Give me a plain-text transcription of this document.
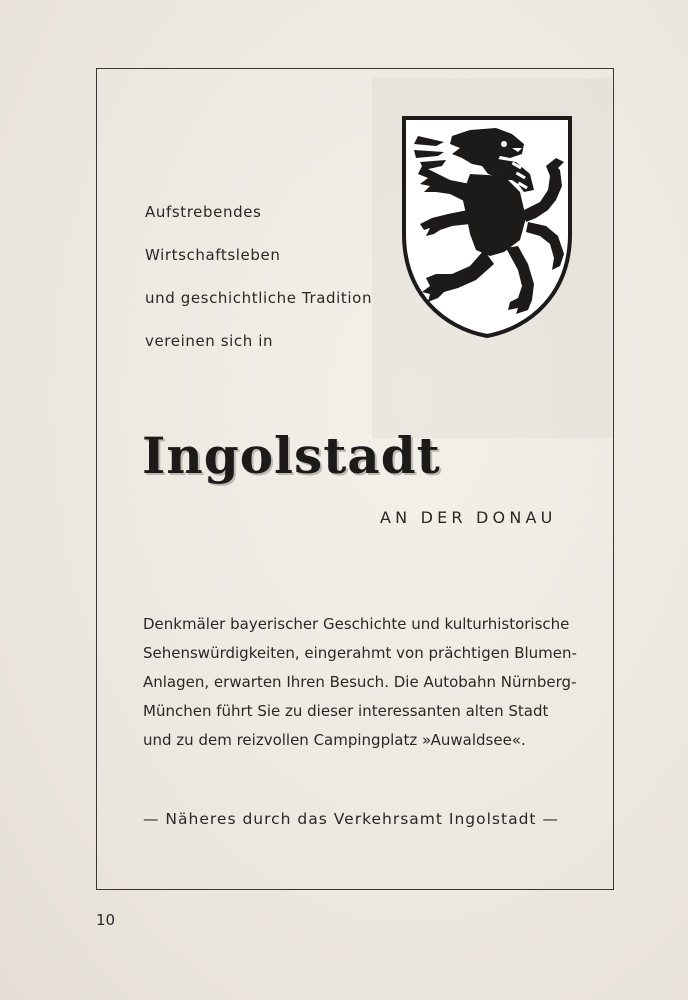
Aufstrebendes
Wirtschaftsleben
und geschichtliche Tradition
vereinen sich in
Ingolstadt
AN DER DONAU
Denkmäler bayerischer Geschichte und kulturhistorische
Sehenswürdigkeiten, eingerahmt von prächtigen Blumen-
Anlagen, erwarten Ihren Besuch. Die Autobahn Nürnberg-
München führt Sie zu dieser interessanten alten Stadt
und zu dem reizvollen Campingplatz »Auwaldsee«.
— Näheres durch das Verkehrsamt Ingolstadt —
10
